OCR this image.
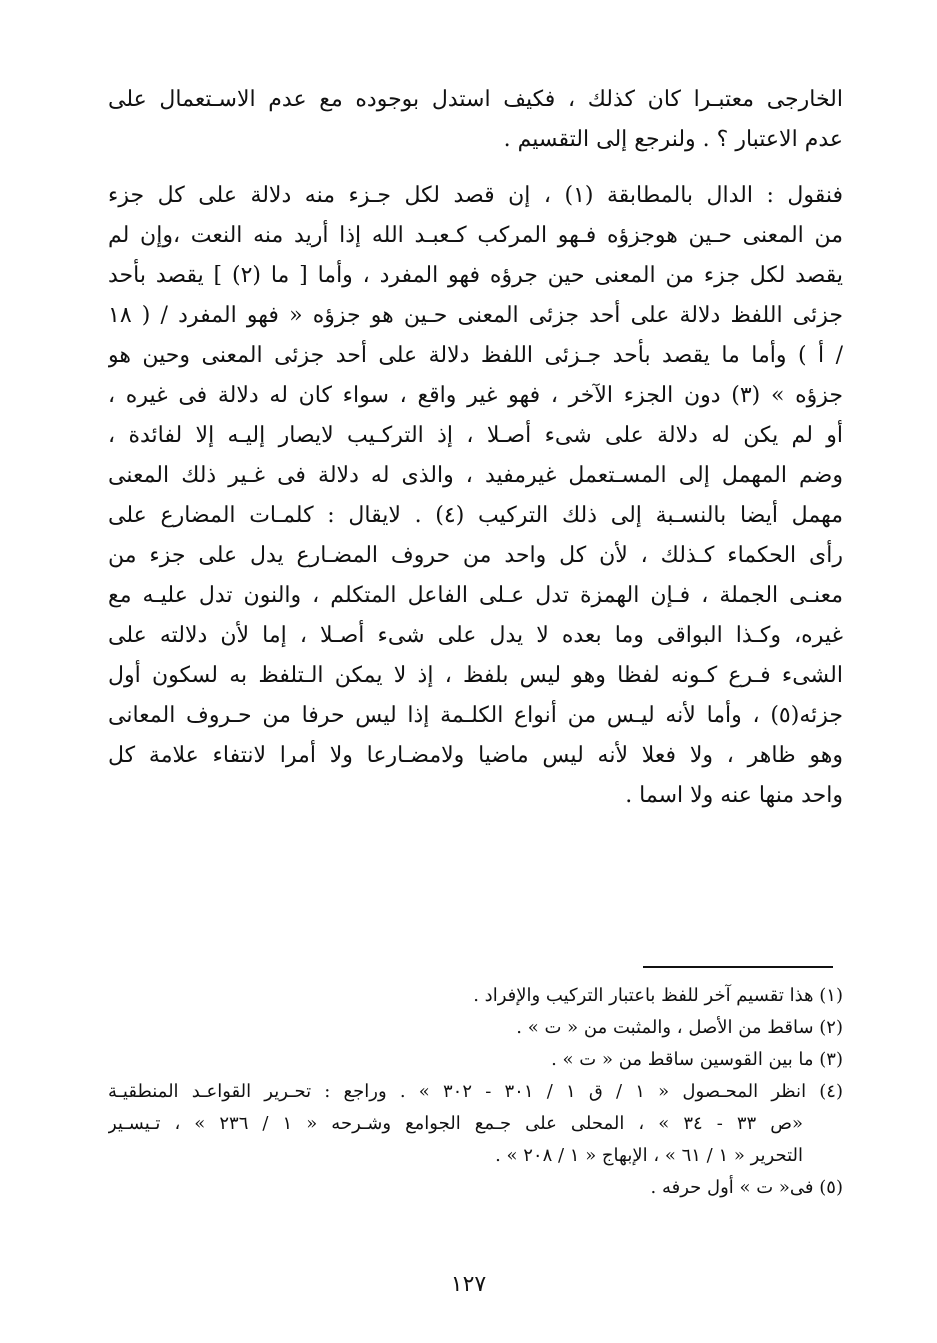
الخارجى معتبـرا كان كذلك ، فكيف استدل بوجوده مع عدم الاسـتعمال على
عدم الاعتبار ؟ . ولنرجع إلى التقسيم .
فنقول : الدال بالمطابقة (١) ، إن قصد لكل جـزء منه دلالة على كل جزء
من المعنى حـين هوجزؤه فـهو المركب كـعبـد الله إذا أريد منه النعت ،وإن لم
يقصد لكل جزء من المعنى حين جرؤه فهو المفرد ، وأما [ ما (٢) ] يقصد بأحد
جزئى اللفظ دلالة على أحد جزئى المعنى حـين هو جزؤه « فهو المفرد / ( ١٨
/ أ ) وأما ما يقصد بأحد جـزئى اللفظ دلالة على أحد جزئى المعنى وحين هو
جزؤه » (٣) دون الجزء الآخر ، فهو غير واقع ، سواء كان له دلالة فى غيره ،
أو لم يكن له دلالة على شىء أصـلا ، إذ التركـيب لايصار إليـه إلا لفائدة ،
وضم المهمل إلى المسـتعمل غيرمفيد ، والذى له دلالة فى غـير ذلك المعنى
مهمل أيضا بالنسـبة إلى ذلك التركيب (٤) . لايقال : كلمـات المضارع على
رأى الحكماء كـذلك ، لأن كل واحد من حروف المضـارع يدل على جزء من
معنـى الجملة ، فـإن الهمزة تدل عـلى الفاعل المتكلم ، والنون تدل عليـه مع
غيره، وكـذا البواقى وما بعده لا يدل على شىء أصـلا ، إما لأن دلالته على
الشىء فـرع كـونه لفظا وهو ليس بلفظ ، إذ لا يمكن الـتلفظ به لسكون أول
جزئه(٥) ، وأما لأنه ليـس من أنواع الكلـمة إذا ليس حرفا من حـروف المعانى
وهو ظاهر ، ولا فعلا لأنه ليس ماضيا ولامضـارعا ولا أمرا لانتفاء علامة كل
واحد منها عنه ولا اسما .
(١) هذا تقسيم آخر للفظ باعتبار التركيب والإفراد .
(٢) ساقط من الأصل ، والمثبت من « ت » .
(٣) ما بين القوسين ساقط من « ت » .
(٤) انظر المحـصول « ١ / ق ١ / ٣٠١ - ٣٠٢ » . وراجع : تحـرير القواعـد المنطقيـة
«ص ٣٣ - ٣٤ » ، المحلى على جـمع الجوامع وشـرحه « ١ / ٢٣٦ » ، تـيسـير
التحرير « ١ / ٦١ » ، الإبهاج « ١ / ٢٠٨ » .
(٥) فى« ت » أول حرفه .
١٢٧
